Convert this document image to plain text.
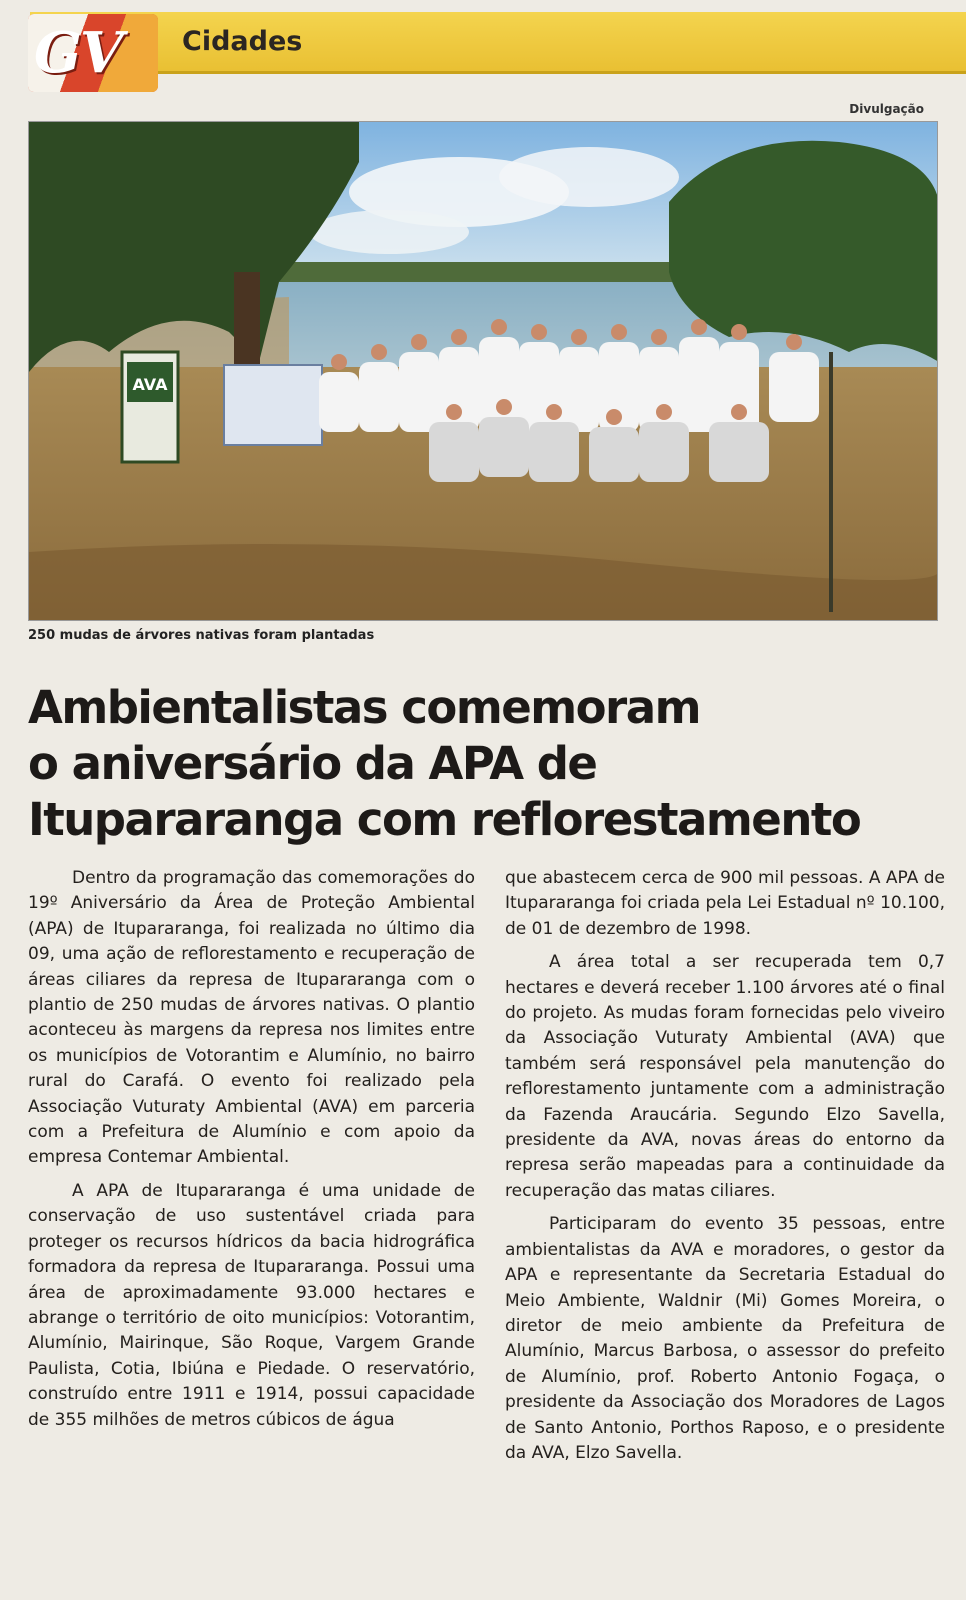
GV Cidades
Divulgação
AVA
250 mudas de árvores nativas foram plantadas
Ambientalistas comemoram
o aniversário da APA de
Itupararanga com reflorestamento

Dentro da programação das comemorações do 19º Aniversário da Área de Proteção Ambiental (APA) de Itupararanga, foi realizada no último dia 09, uma ação de reflorestamento e recuperação de áreas ciliares da represa de Itupararanga com o plantio de 250 mudas de árvores nativas. O plantio aconteceu às margens da represa nos limites entre os municípios de Votorantim e Alumínio, no bairro rural do Carafá. O evento foi realizado pela Associação Vuturaty Ambiental (AVA) em parceria com a Prefeitura de Alumínio e com apoio da empresa Contemar Ambiental.

A APA de Itupararanga é uma unidade de conservação de uso sustentável criada para proteger os recursos hídricos da bacia hidrográfica formadora da represa de Itupararanga. Possui uma área de aproximadamente 93.000 hectares e abrange o território de oito municípios: Votorantim, Alumínio, Mairinque, São Roque, Vargem Grande Paulista, Cotia, Ibiúna e Piedade. O reservatório, construído entre 1911 e 1914, possui capacidade de 355 milhões de metros cúbicos de água

que abastecem cerca de 900 mil pessoas. A APA de Itupararanga foi criada pela Lei Estadual nº 10.100, de 01 de dezembro de 1998.

A área total a ser recuperada tem 0,7 hectares e deverá receber 1.100 árvores até o final do projeto. As mudas foram fornecidas pelo viveiro da Associação Vuturaty Ambiental (AVA) que também será responsável pela manutenção do reflorestamento juntamente com a administração da Fazenda Araucária. Segundo Elzo Savella, presidente da AVA, novas áreas do entorno da represa serão mapeadas para a continuidade da recuperação das matas ciliares.

Participaram do evento 35 pessoas, entre ambientalistas da AVA e moradores, o gestor da APA e representante da Secretaria Estadual do Meio Ambiente, Waldnir (Mi) Gomes Moreira, o diretor de meio ambiente da Prefeitura de Alumínio, Marcus Barbosa, o assessor do prefeito de Alumínio, prof. Roberto Antonio Fogaça, o presidente da Associação dos Moradores de Lagos de Santo Antonio, Porthos Raposo, e o presidente da AVA, Elzo Savella.
